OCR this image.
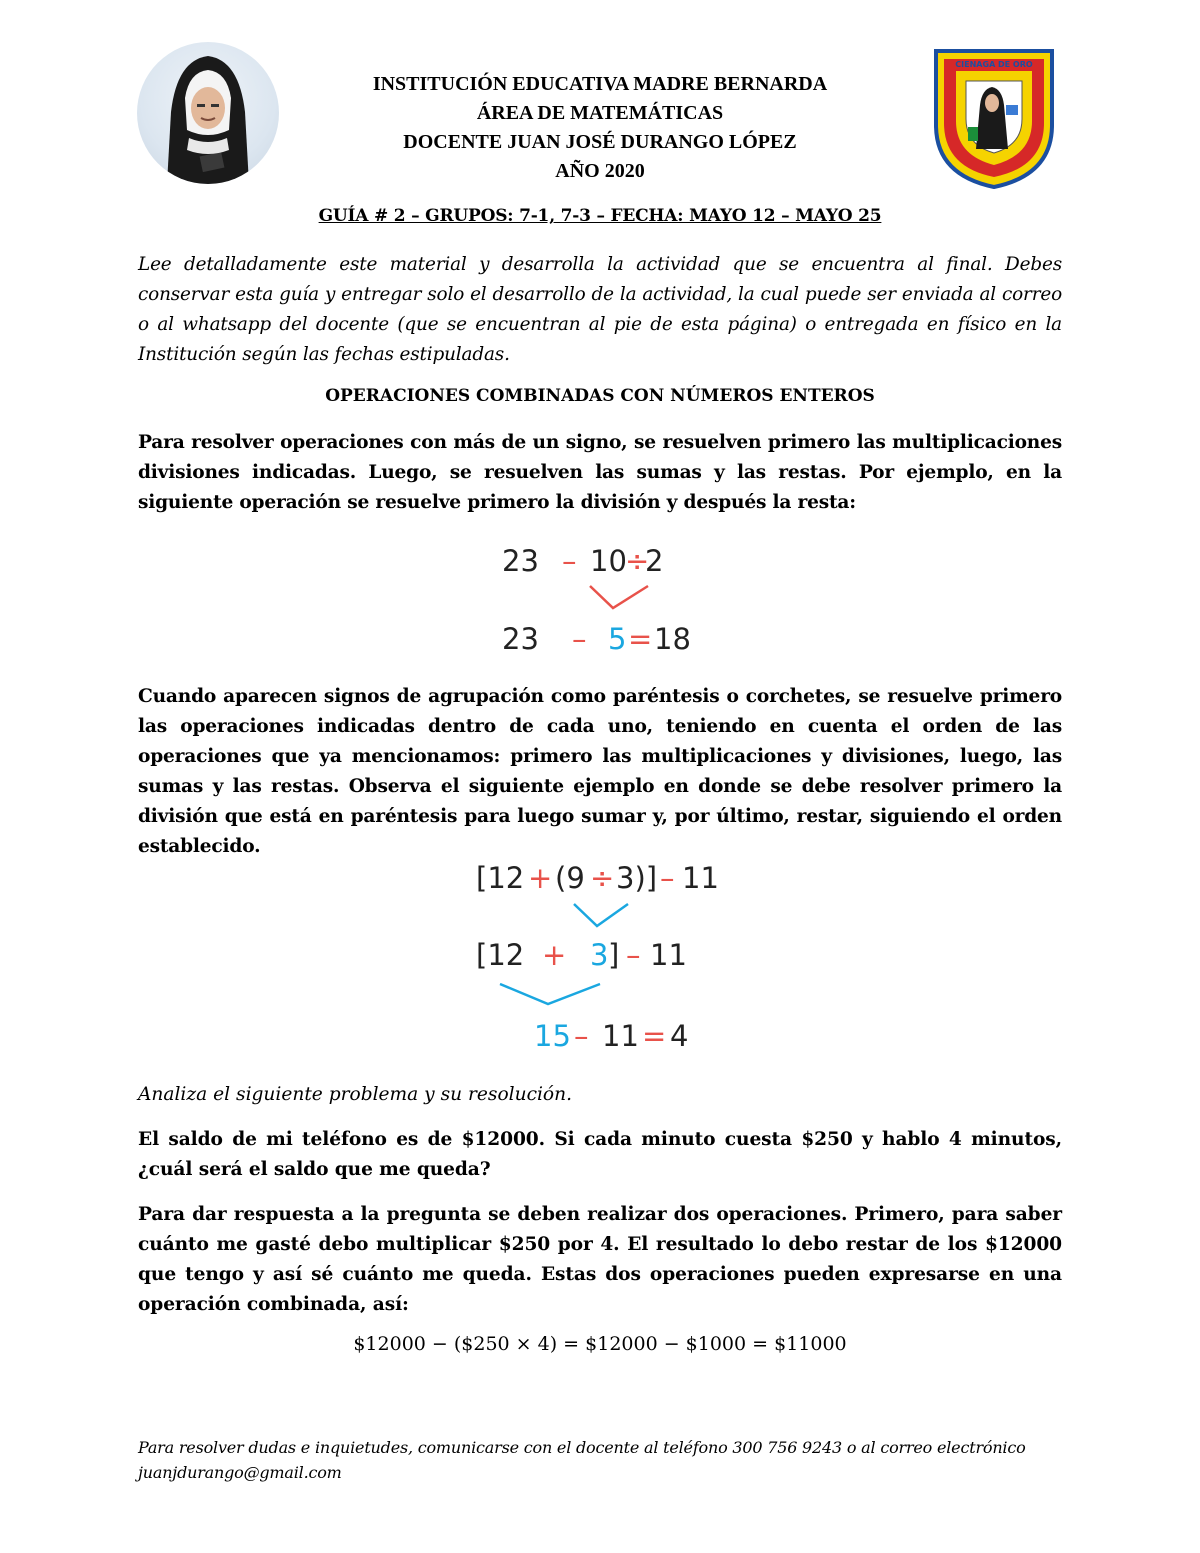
INSTITUCIÓN EDUCATIVA MADRE BERNARDA
ÁREA DE MATEMÁTICAS
DOCENTE JUAN JOSÉ DURANGO LÓPEZ
AÑO 2020
CIENAGA DE ORO
GUÍA # 2 – GRUPOS: 7-1, 7-3 – FECHA: MAYO 12 – MAYO 25
Lee detalladamente este material y desarrolla la actividad que se encuentra al final. Debes conservar esta guía y entregar solo el desarrollo de la actividad, la cual puede ser enviada al correo o al whatsapp del docente (que se encuentran al pie de esta página) o entregada en físico en la Institución según las fechas estipuladas.
OPERACIONES COMBINADAS CON NÚMEROS ENTEROS
Para resolver operaciones con más de un signo, se resuelven primero las multiplicaciones divisiones indicadas. Luego, se resuelven las sumas y las restas. Por ejemplo, en la siguiente operación se resuelve primero la división y después la resta:
23 – 10
÷
2
23 – 5 = 18
Cuando aparecen signos de agrupación como paréntesis o corchetes, se resuelve primero las operaciones indicadas dentro de cada uno, teniendo en cuenta el orden de las operaciones que ya mencionamos: primero las multiplicaciones y divisiones, luego, las sumas y las restas. Observa el siguiente ejemplo en donde se debe resolver primero la división que está en paréntesis para luego sumar y, por último, restar, siguiendo el orden establecido.
[12 + (9 ÷ 3)] – 11
[12 + 3 ] – 11
15 – 11 = 4
Analiza el siguiente problema y su resolución.
El saldo de mi teléfono es de $12000. Si cada minuto cuesta $250 y hablo 4 minutos, ¿cuál será el saldo que me queda?
Para dar respuesta a la pregunta se deben realizar dos operaciones. Primero, para saber cuánto me gasté debo multiplicar $250 por 4. El resultado lo debo restar de los $12000 que tengo y así sé cuánto me queda. Estas dos operaciones pueden expresarse en una operación combinada, así:
$12000 − ($250 × 4) = $12000 − $1000 = $11000
Para resolver dudas e inquietudes, comunicarse con el docente al teléfono 300 756 9243 o al correo electrónico juanjdurango@gmail.com
